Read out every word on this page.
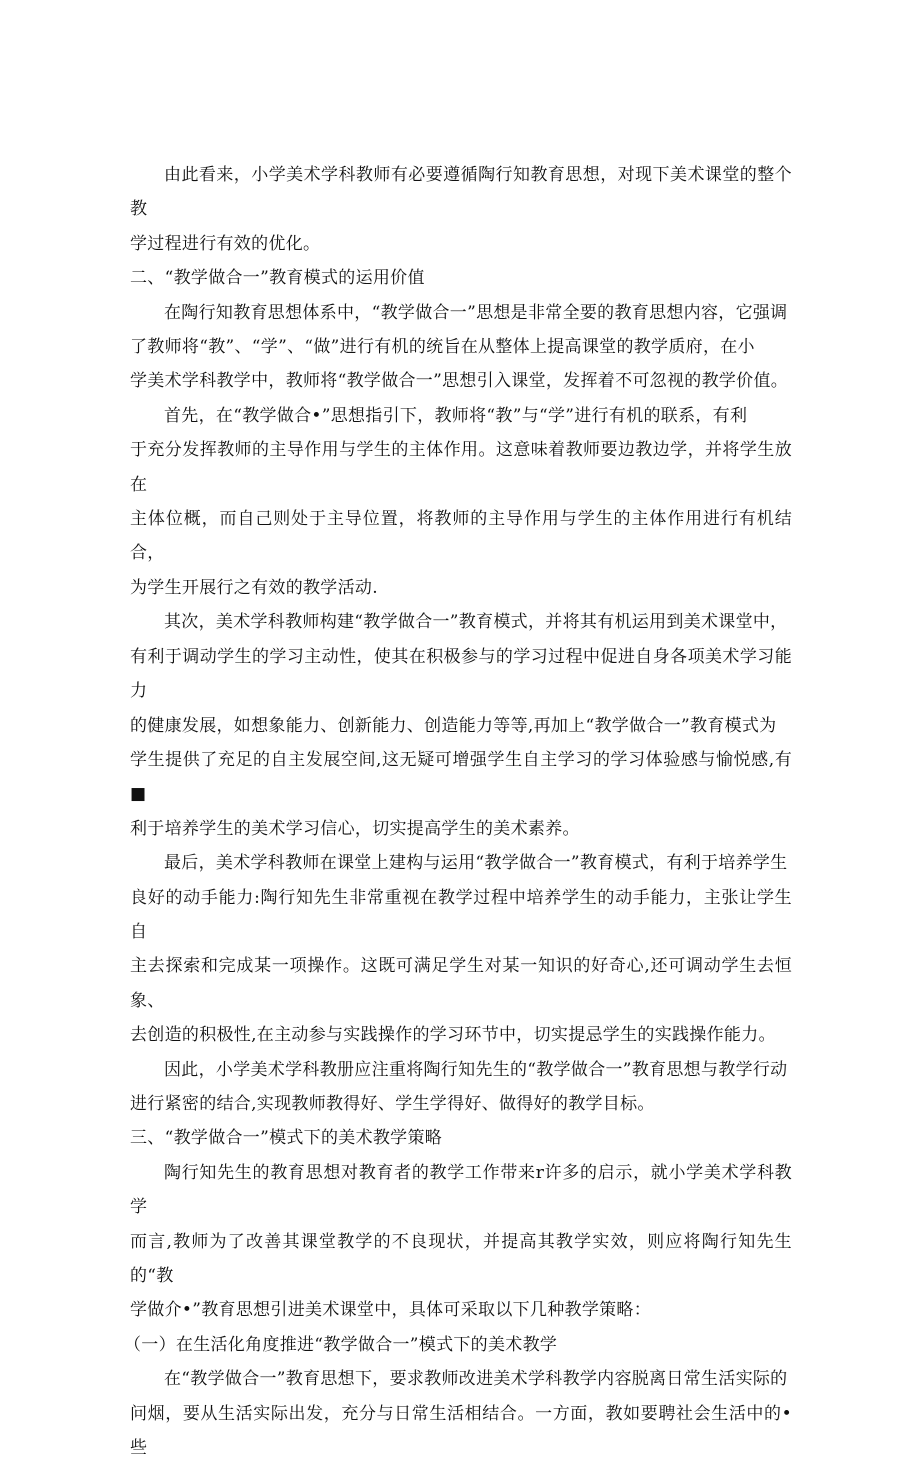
由此看来，小学美术学科教师有必要遵循陶行知教育思想，对现下美术课堂的整个教
学过程进行有效的优化。

二、“教学做合一”教育模式的运用价值

在陶行知教育思想体系中，“教学做合一”思想是非常全要的教育思想内容，它强调
了教师将“教”、“学”、“做”进行有机的统旨在从整体上提高课堂的教学质府，在小
学美术学科教学中，教师将“教学做合一”思想引入课堂，发挥着不可忽视的教学价值。

首先，在“教学做合•”思想指引下，教师将“教”与“学”进行有机的联系，有利
于充分发挥教师的主导作用与学生的主体作用。这意味着教师要边教边学，并将学生放在
主体位概，而自己则处于主导位置，将教师的主导作用与学生的主体作用进行有机结合，
为学生开展行之有效的教学活动.

其次，美术学科教师构建“教学做合一”教育模式，并将其有机运用到美术课堂中，
有利于调动学生的学习主动性，使其在积极参与的学习过程中促进自身各项美术学习能力
的健康发展，如想象能力、创新能力、创造能力等等,再加上“教学做合一”教育模式为
学生提供了充足的自主发展空间,这无疑可增强学生自主学习的学习体验感与愉悦感,有■
利于培养学生的美术学习信心，切实提高学生的美术素养。

最后，美术学科教师在课堂上建构与运用“教学做合一”教育模式，有利于培养学生
良好的动手能力:陶行知先生非常重视在教学过程中培养学生的动手能力，主张让学生自
主去探索和完成某一项操作。这既可满足学生对某一知识的好奇心,还可调动学生去恒象、
去创造的积极性,在主动参与实践操作的学习环节中，切实提忌学生的实践操作能力。

因此，小学美术学科教册应注重将陶行知先生的“教学做合一”教育思想与教学行动
进行紧密的结合,实现教师教得好、学生学得好、做得好的教学目标。

三、“教学做合一”模式下的美术教学策略

陶行知先生的教育思想对教育者的教学工作带来r许多的启示，就小学美术学科教学
而言,教师为了改善其课堂教学的不良现状，并提高其教学实效，则应将陶行知先生的“教
学做介•”教育思想引进美术课堂中，具体可采取以下几种教学策略：

（一）在生活化角度推进“教学做合一”模式下的美术教学

在“教学做合一”教育思想下，要求教师改进美术学科教学内容脱离日常生活实际的
问烟，要从生活实际出发，充分与日常生活相结合。一方面，教如要聘社会生活中的•些
